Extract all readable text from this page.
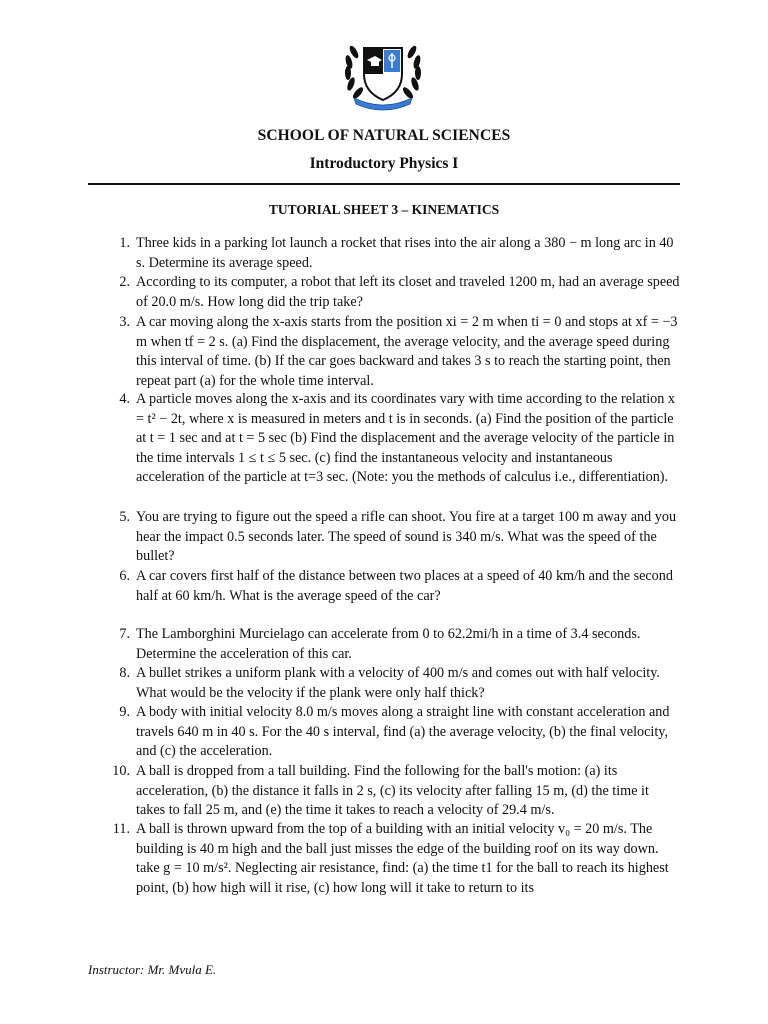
SCHOOL OF NATURAL SCIENCES
Introductory Physics I
TUTORIAL SHEET 3 – KINEMATICS
1. Three kids in a parking lot launch a rocket that rises into the air along a 380 − m long arc in 40 s. Determine its average speed.
2. According to its computer, a robot that left its closet and traveled 1200 m, had an average speed of 20.0 m/s. How long did the trip take?
3. A car moving along the x-axis starts from the position xi = 2 m when ti = 0 and stops at xf = −3 m when tf = 2 s. (a) Find the displacement, the average velocity, and the average speed during this interval of time. (b) If the car goes backward and takes 3 s to reach the starting point, then repeat part (a) for the whole time interval.
4. A particle moves along the x-axis and its coordinates vary with time according to the relation x = t² − 2t, where x is measured in meters and t is in seconds. (a) Find the position of the particle at t = 1 sec and at t = 5 sec (b) Find the displacement and the average velocity of the particle in the time intervals 1 ≤ t ≤ 5 sec. (c) find the instantaneous velocity and instantaneous acceleration of the particle at t=3 sec. (Note: you the methods of calculus i.e., differentiation).
5. You are trying to figure out the speed a rifle can shoot. You fire at a target 100 m away and you hear the impact 0.5 seconds later. The speed of sound is 340 m/s. What was the speed of the bullet?
6. A car covers first half of the distance between two places at a speed of 40 km/h and the second half at 60 km/h. What is the average speed of the car?
7. The Lamborghini Murcielago can accelerate from 0 to 62.2mi/h in a time of 3.4 seconds. Determine the acceleration of this car.
8. A bullet strikes a uniform plank with a velocity of 400 m/s and comes out with half velocity. What would be the velocity if the plank were only half thick?
9. A body with initial velocity 8.0 m/s moves along a straight line with constant acceleration and travels 640 m in 40 s. For the 40 s interval, find (a) the average velocity, (b) the final velocity, and (c) the acceleration.
10. A ball is dropped from a tall building. Find the following for the ball's motion: (a) its acceleration, (b) the distance it falls in 2 s, (c) its velocity after falling 15 m, (d) the time it takes to fall 25 m, and (e) the time it takes to reach a velocity of 29.4 m/s.
11. A ball is thrown upward from the top of a building with an initial velocity v₀ = 20 m/s. The building is 40 m high and the ball just misses the edge of the building roof on its way down. take g = 10 m/s². Neglecting air resistance, find: (a) the time t1 for the ball to reach its highest point, (b) how high will it rise, (c) how long will it take to return to its
Instructor: Mr. Mvula E.
